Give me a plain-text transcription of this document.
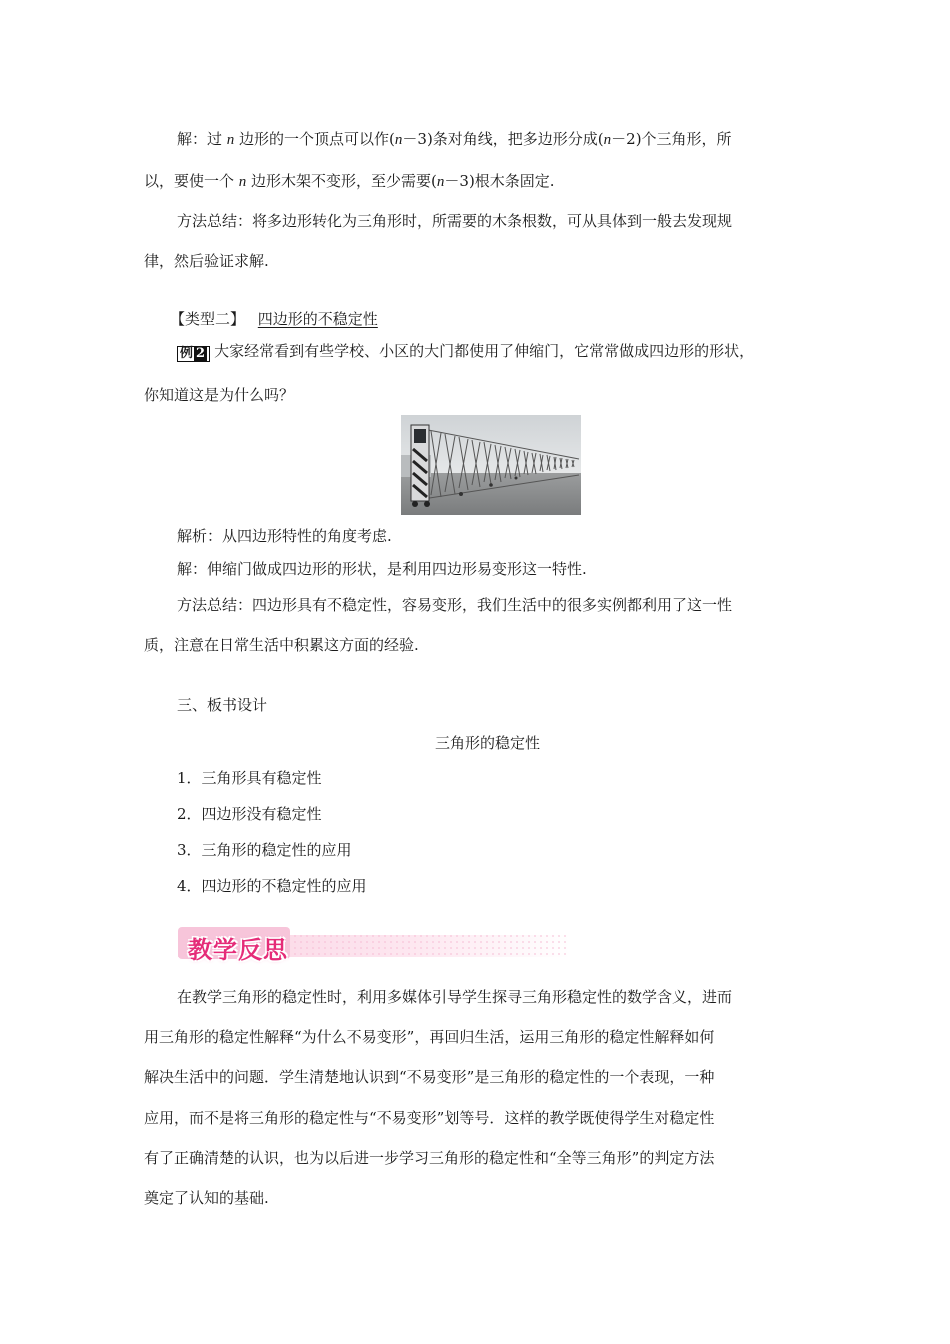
解：过 n 边形的一个顶点可以作(n－3)条对角线，把多边形分成(n－2)个三角形，所
以，要使一个 n 边形木架不变形，至少需要(n－3)根木条固定.
方法总结：将多边形转化为三角形时，所需要的木条根数，可从具体到一般去发现规
律，然后验证求解.
【类型二】 四边形的不稳定性
例 2 大家经常看到有些学校、小区的大门都使用了伸缩门，它常常做成四边形的形状，
你知道这是为什么吗？
解析：从四边形特性的角度考虑.
解：伸缩门做成四边形的形状，是利用四边形易变形这一特性.
方法总结：四边形具有不稳定性，容易变形，我们生活中的很多实例都利用了这一性
质，注意在日常生活中积累这方面的经验.
三、板书设计
三角形的稳定性
1．三角形具有稳定性
2．四边形没有稳定性
3．三角形的稳定性的应用
4．四边形的不稳定性的应用
教学反思
在教学三角形的稳定性时，利用多媒体引导学生探寻三角形稳定性的数学含义，进而
用三角形的稳定性解释“为什么不易变形”，再回归生活，运用三角形的稳定性解释如何
解决生活中的问题．学生清楚地认识到“不易变形”是三角形的稳定性的一个表现，一种
应用，而不是将三角形的稳定性与“不易变形”划等号．这样的教学既使得学生对稳定性
有了正确清楚的认识，也为以后进一步学习三角形的稳定性和“全等三角形”的判定方法
奠定了认知的基础.
